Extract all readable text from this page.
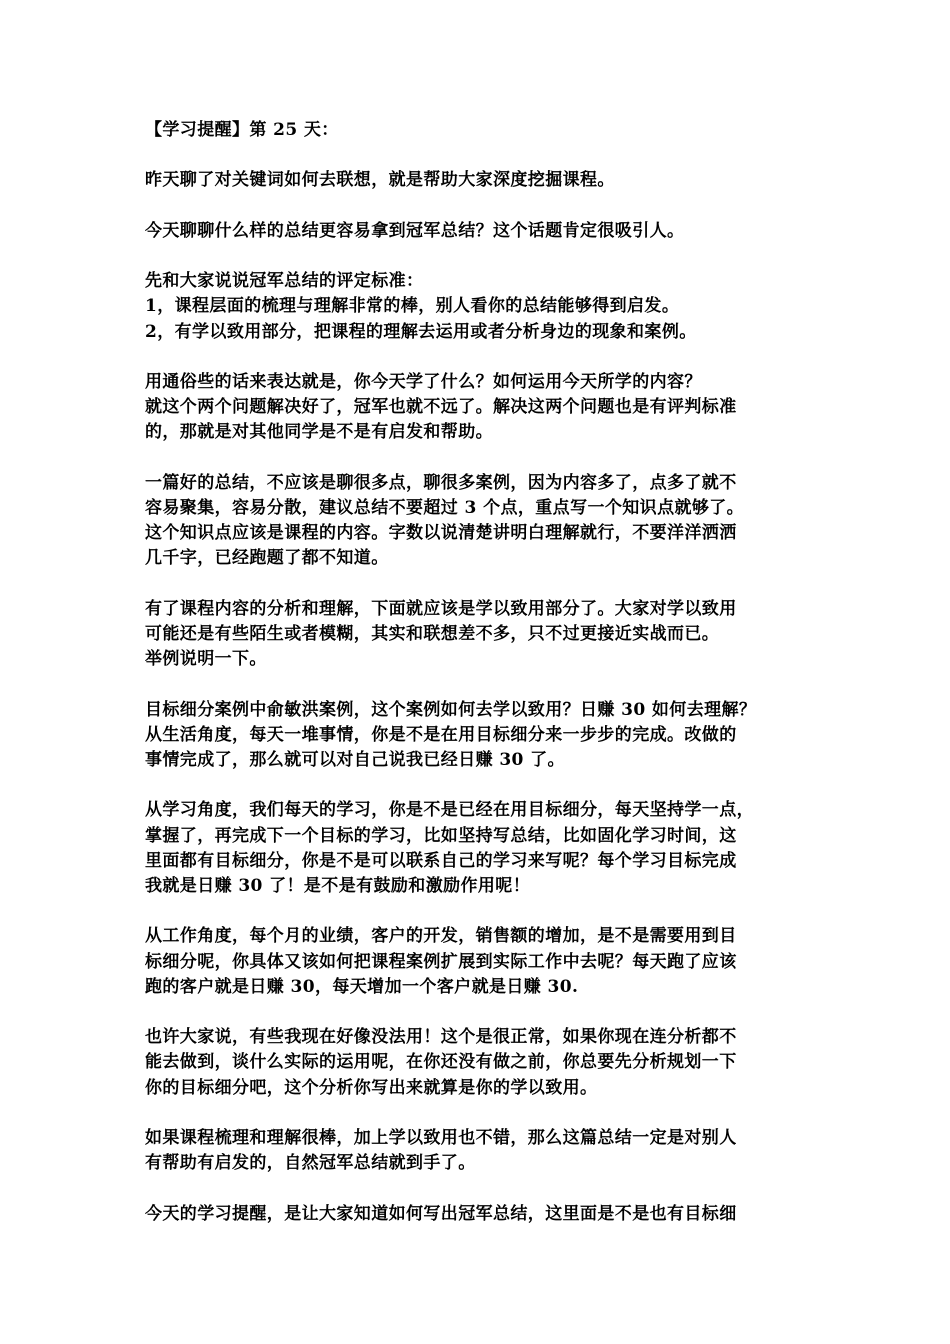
【学习提醒】第 25 天：
昨天聊了对关键词如何去联想，就是帮助大家深度挖掘课程。
今天聊聊什么样的总结更容易拿到冠军总结？这个话题肯定很吸引人。
先和大家说说冠军总结的评定标准：
1，课程层面的梳理与理解非常的棒，别人看你的总结能够得到启发。
2，有学以致用部分，把课程的理解去运用或者分析身边的现象和案例。
用通俗些的话来表达就是，你今天学了什么？如何运用今天所学的内容？
就这个两个问题解决好了，冠军也就不远了。解决这两个问题也是有评判标准
的，那就是对其他同学是不是有启发和帮助。
一篇好的总结，不应该是聊很多点，聊很多案例，因为内容多了，点多了就不
容易聚集，容易分散，建议总结不要超过 3 个点，重点写一个知识点就够了。
这个知识点应该是课程的内容。字数以说清楚讲明白理解就行，不要洋洋洒洒
几千字，已经跑题了都不知道。
有了课程内容的分析和理解，下面就应该是学以致用部分了。大家对学以致用
可能还是有些陌生或者模糊，其实和联想差不多，只不过更接近实战而已。
举例说明一下。
目标细分案例中俞敏洪案例，这个案例如何去学以致用？日赚 30 如何去理解？
从生活角度，每天一堆事情，你是不是在用目标细分来一步步的完成。改做的
事情完成了，那么就可以对自己说我已经日赚 30 了。
从学习角度，我们每天的学习，你是不是已经在用目标细分，每天坚持学一点，
掌握了，再完成下一个目标的学习，比如坚持写总结，比如固化学习时间，这
里面都有目标细分，你是不是可以联系自己的学习来写呢？每个学习目标完成
我就是日赚 30 了！是不是有鼓励和激励作用呢！
从工作角度，每个月的业绩，客户的开发，销售额的增加，是不是需要用到目
标细分呢，你具体又该如何把课程案例扩展到实际工作中去呢？每天跑了应该
跑的客户就是日赚 30，每天增加一个客户就是日赚 30.
也许大家说，有些我现在好像没法用！这个是很正常，如果你现在连分析都不
能去做到，谈什么实际的运用呢，在你还没有做之前，你总要先分析规划一下
你的目标细分吧，这个分析你写出来就算是你的学以致用。
如果课程梳理和理解很棒，加上学以致用也不错，那么这篇总结一定是对别人
有帮助有启发的，自然冠军总结就到手了。
今天的学习提醒，是让大家知道如何写出冠军总结，这里面是不是也有目标细
